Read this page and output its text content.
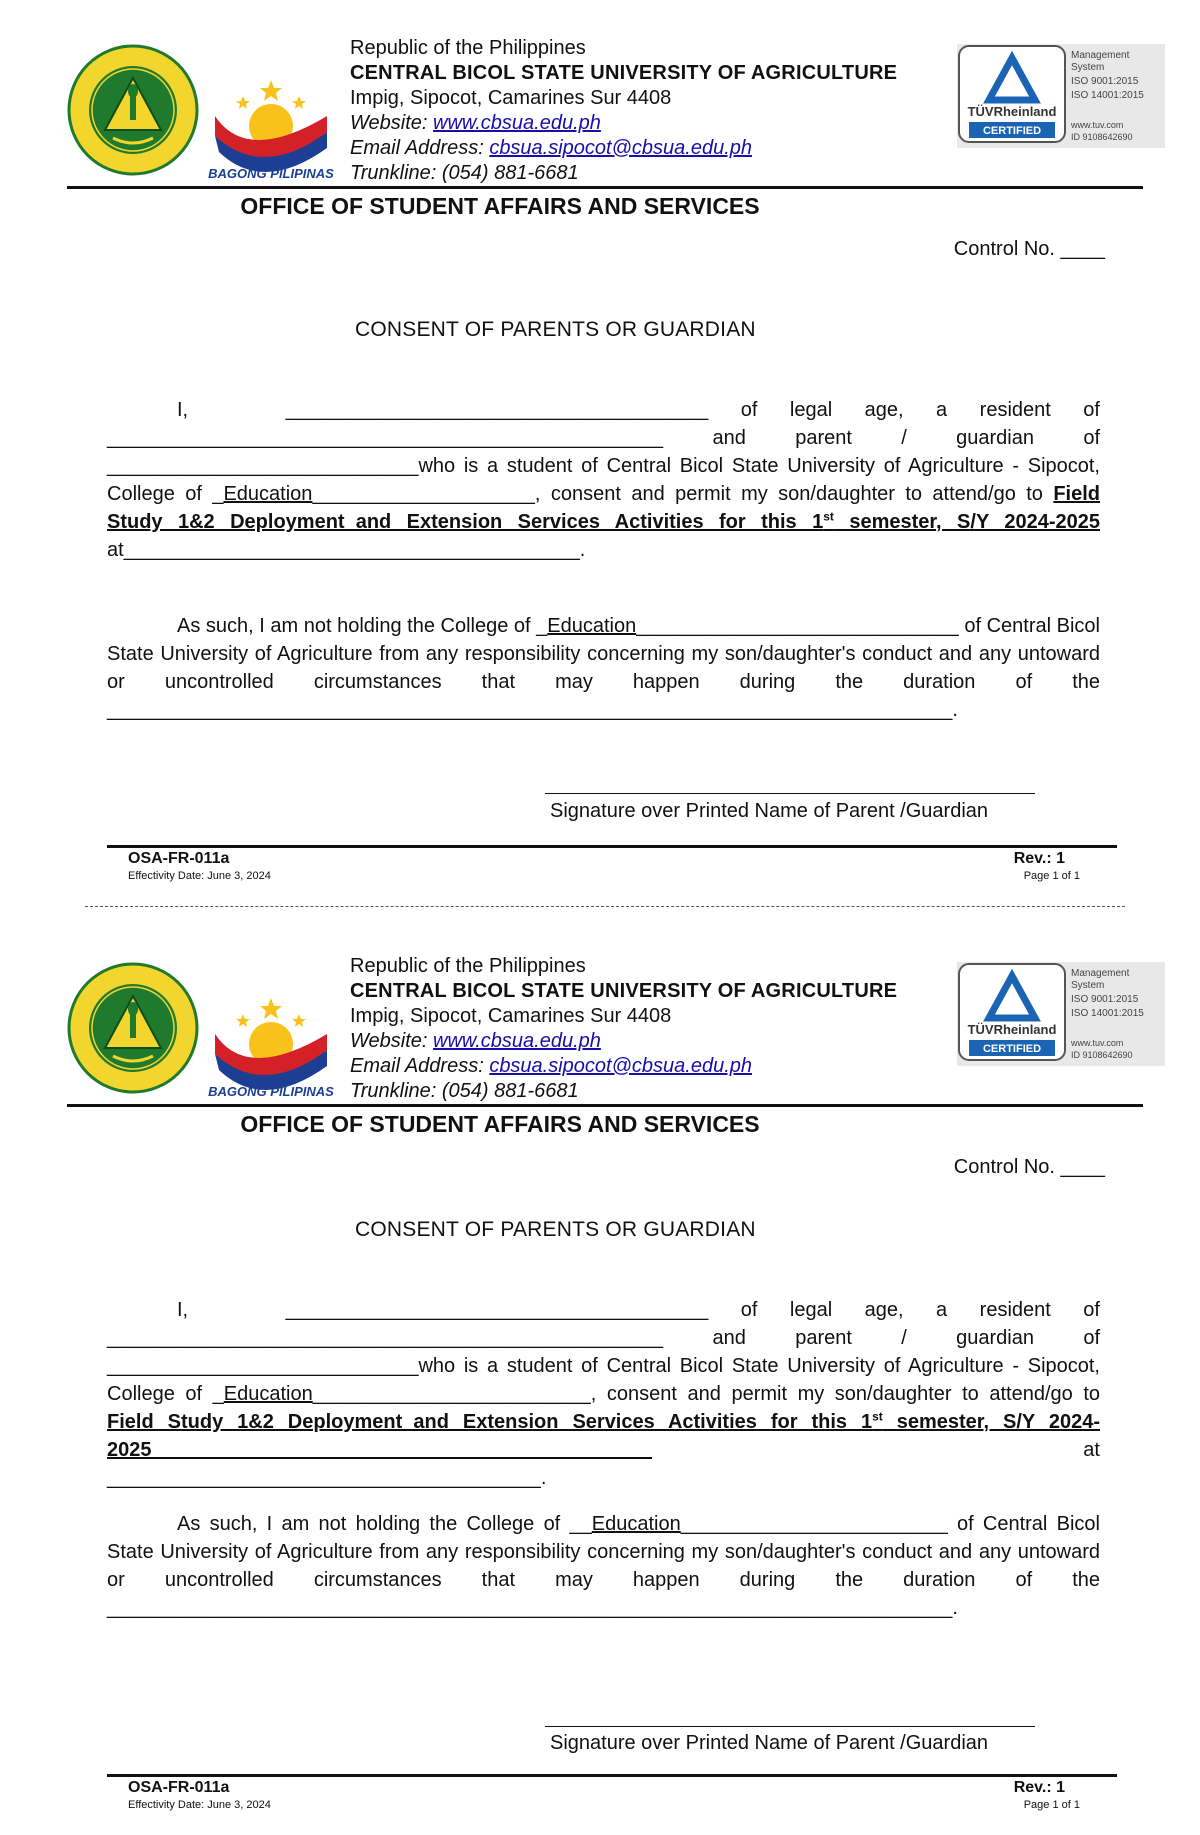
BAGONG PILIPINAS
Republic of the Philippines
CENTRAL BICOL STATE UNIVERSITY OF AGRICULTURE
Impig, Sipocot, Camarines Sur 4408
Website: www.cbsua.edu.ph
Email Address: cbsua.sipocot@cbsua.edu.ph
Trunkline: (054) 881-6681
TÜVRheinland
CERTIFIED
Management
System
ISO 9001:2015
ISO 14001:2015
www.tuv.com
ID 9108642690
OFFICE OF STUDENT AFFAIRS AND SERVICES
Control No. ____
CONSENT OF PARENTS OR GUARDIAN

I,	______________________________________ of legal age, a resident of __________________________________________________ and parent / guardian of ____________________________who is a student of Central Bicol State University of Agriculture - Sipocot, College of _Education____________________, consent and permit my son/daughter to attend/go to Field Study 1&2 Deployment_and Extension Services Activities for this 1st semester, S/Y 2024-2025 at_________________________________________.

As such, I am not holding the College of _Education_____________________________ of Central Bicol State University of Agriculture from any responsibility concerning my son/daughter's conduct and any untoward or uncontrolled circumstances that may happen during the duration of the ____________________________________________________________________________.

Signature over Printed Name of Parent /Guardian
OSA-FR-011a
Effectivity Date: June 3, 2024
Rev.: 1
Page 1 of 1
BAGONG PILIPINAS
Republic of the Philippines
CENTRAL BICOL STATE UNIVERSITY OF AGRICULTURE
Impig, Sipocot, Camarines Sur 4408
Website: www.cbsua.edu.ph
Email Address: cbsua.sipocot@cbsua.edu.ph
Trunkline: (054) 881-6681
TÜVRheinland
CERTIFIED
Management
System
ISO 9001:2015
ISO 14001:2015
www.tuv.com
ID 9108642690
OFFICE OF STUDENT AFFAIRS AND SERVICES
Control No. ____
CONSENT OF PARENTS OR GUARDIAN

I,	______________________________________ of legal age, a resident of __________________________________________________ and parent / guardian of ____________________________who is a student of Central Bicol State University of Agriculture - Sipocot, College of _Education_________________________, consent and permit my son/daughter to attend/go to Field Study 1&2 Deployment_and Extension Services Activities for this 1st semester, S/Y 2024-2025_____________________________________________ at _______________________________________.

As such, I am not holding the College of __Education________________________ of Central Bicol State University of Agriculture from any responsibility concerning my son/daughter's conduct and any untoward or uncontrolled circumstances that may happen during the duration of the ____________________________________________________________________________.

Signature over Printed Name of Parent /Guardian
OSA-FR-011a
Effectivity Date: June 3, 2024
Rev.: 1
Page 1 of 1
